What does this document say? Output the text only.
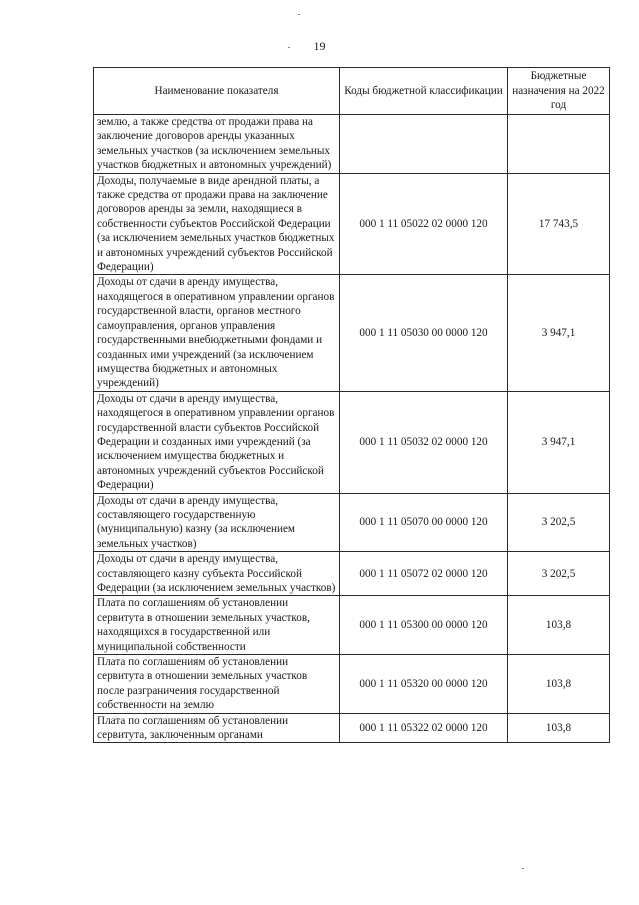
19
Наименование показателя	Коды бюджетной классификации	Бюджетные назначения на 2022 год
землю, а также средства от продажи права на заключение договоров аренды указанных земельных участков (за исключением земельных участков бюджетных и автономных учреждений)		
Доходы, получаемые в виде арендной платы, а также средства от продажи права на заключение договоров аренды за земли, находящиеся в собственности субъектов Российской Федерации (за исключением земельных участков бюджетных и автономных учреждений субъектов Российской Федерации)	000 1 11 05022 02 0000 120	17 743,5
Доходы от сдачи в аренду имущества, находящегося в оперативном управлении органов государственной власти, органов местного самоуправления, органов управления государственными внебюджетными фондами и созданных ими учреждений (за исключением имущества бюджетных и автономных учреждений)	000 1 11 05030 00 0000 120	3 947,1
Доходы от сдачи в аренду имущества, находящегося в оперативном управлении органов государственной власти субъектов Российской Федерации и созданных ими учреждений (за исключением имущества бюджетных и автономных учреждений субъектов Российской Федерации)	000 1 11 05032 02 0000 120	3 947,1
Доходы от сдачи в аренду имущества, составляющего государственную (муниципальную) казну (за исключением земельных участков)	000 1 11 05070 00 0000 120	3 202,5
Доходы от сдачи в аренду имущества, составляющего казну субъекта Российской Федерации (за исключением земельных участков)	000 1 11 05072 02 0000 120	3 202,5
Плата по соглашениям об установлении сервитута в отношении земельных участков, находящихся в государственной или муниципальной собственности	000 1 11 05300 00 0000 120	103,8
Плата по соглашениям об установлении сервитута в отношении земельных участков после разграничения государственной собственности на землю	000 1 11 05320 00 0000 120	103,8
Плата по соглашениям об установлении сервитута, заключенным органами	000 1 11 05322 02 0000 120	103,8
